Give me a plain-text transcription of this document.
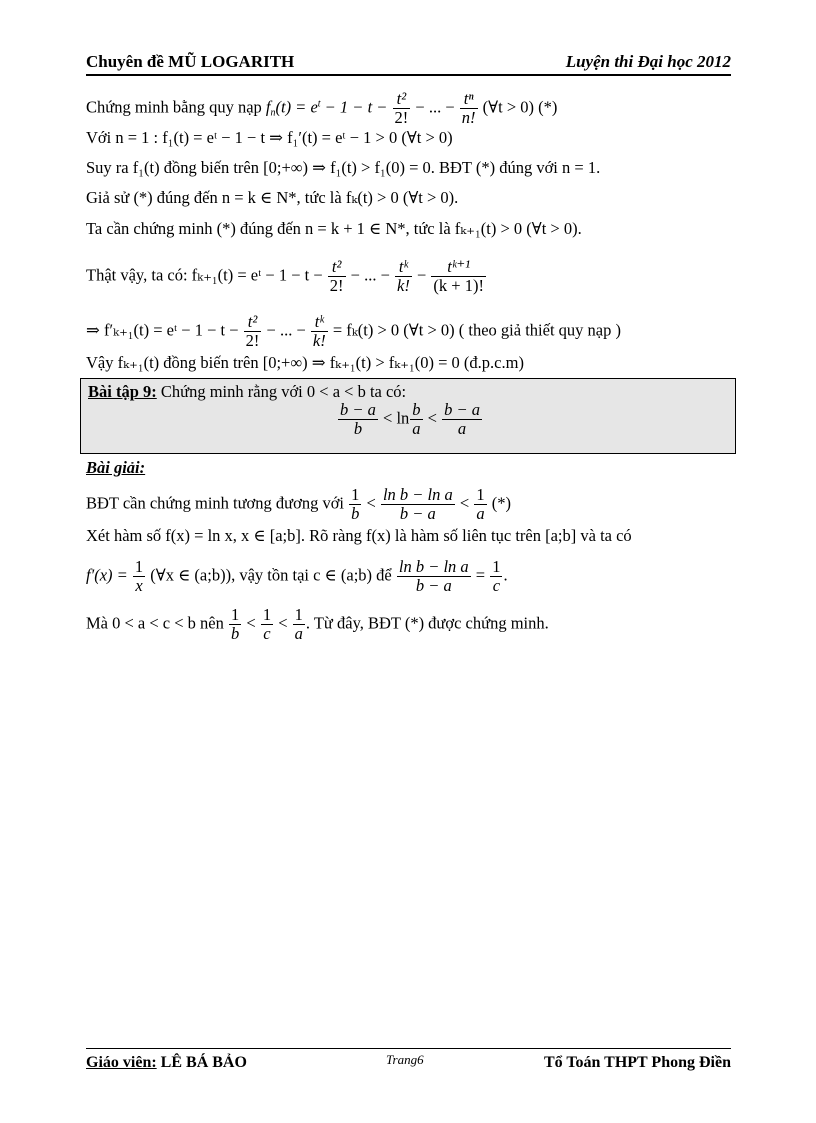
Chuyên đề MŨ LOGARITH	Luyện thi Đại học 2012
Chứng minh bằng quy nạp $f_n(t) = e^t - 1 - t - \frac{\text{t²}}{2!}$ − ... − $\frac{\text{tⁿ}}{n!}$ (∀t > 0) (*)
Với n = 1 : f₁(t) = eᵗ − 1 − t ⇒ f₁′(t) = eᵗ − 1 > 0 (∀t > 0)
Suy ra f₁(t) đồng biến trên [0;+∞) ⇒ f₁(t) > f₁(0) = 0. BĐT (*) đúng với n = 1.
Giả sử (*) đúng đến n = k ∈ N*, tức là fₖ(t) > 0 (∀t > 0).
Ta cần chứng minh (*) đúng đến n = k + 1 ∈ N*, tức là fₖ₊₁(t) > 0 (∀t > 0).
Thật vậy, ta có: fₖ₊₁(t) = eᵗ − $1 - t - \frac{\text{t²}}{2!}$ − ... − $\frac{\text{tᵏ}}{k!} - \frac{\text{tᵏ⁺¹}}{(k + 1)!}$
⇒ f′ₖ₊₁(t) = eᵗ − $1 - t - \frac{\text{t²}}{2!}$ − ... − $\frac{\text{tᵏ}}{k!} = f_k(t) > 0$ (∀t > 0) ( theo giả thiết quy nạp )
Vậy fₖ₊₁(t) đồng biến trên [0;+∞) ⇒ fₖ₊₁(t) > fₖ₊₁(0) = 0 (đ.p.c.m)
Bài tập 9: Chứng minh rằng với 0 < a < b ta có:
$\frac{b - a}{b} < \ln \frac{b}{a} < \frac{b - a}{a}$
Bài giải:
BĐT cần chứng minh tương đương với $\frac{1}{b} < \frac{\text{ln b − ln a}}{b - a} < \frac{1}{a}$ (*)
Xét hàm số f(x) = ln x, x ∈ [a;b]. Rõ ràng f(x) là hàm số liên tục trên [a;b] và ta có
$f'(x) = \frac{1}{x}$ (∀x ∈ (a;b)), vậy tồn tại c ∈ (a;b) để $\frac{\text{ln b − ln a}}{b - a} = \frac{1}{c}$ .
Mà 0 < a < c < b nên $\frac{1}{b} < \frac{1}{c} < \frac{1}{a}$ . Từ đây, BĐT (*) được chứng minh.
Giáo viên: LÊ BÁ BẢO	Trang6	Tổ Toán THPT Phong Điền
